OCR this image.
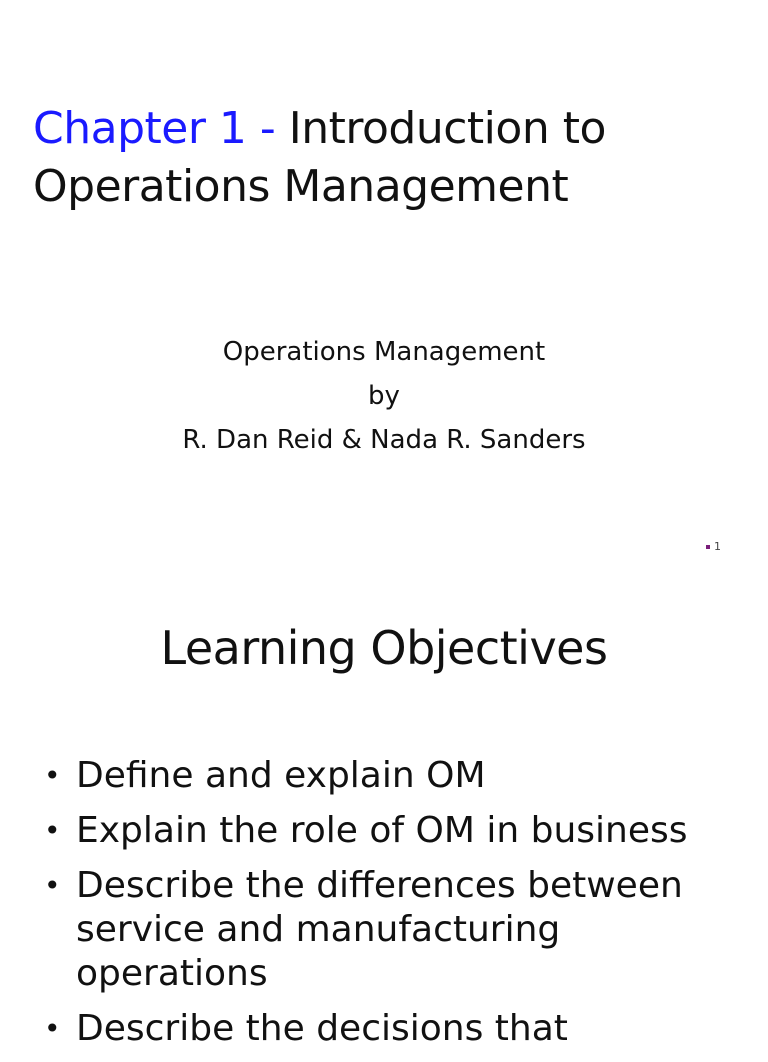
Chapter 1 - Introduction to Operations Management
Operations Management
by
R. Dan Reid & Nada R. Sanders
1
Learning Objectives
• Define and explain OM
• Explain the role of OM in business
• Describe the differences between service and manufacturing operations
• Describe the decisions that
